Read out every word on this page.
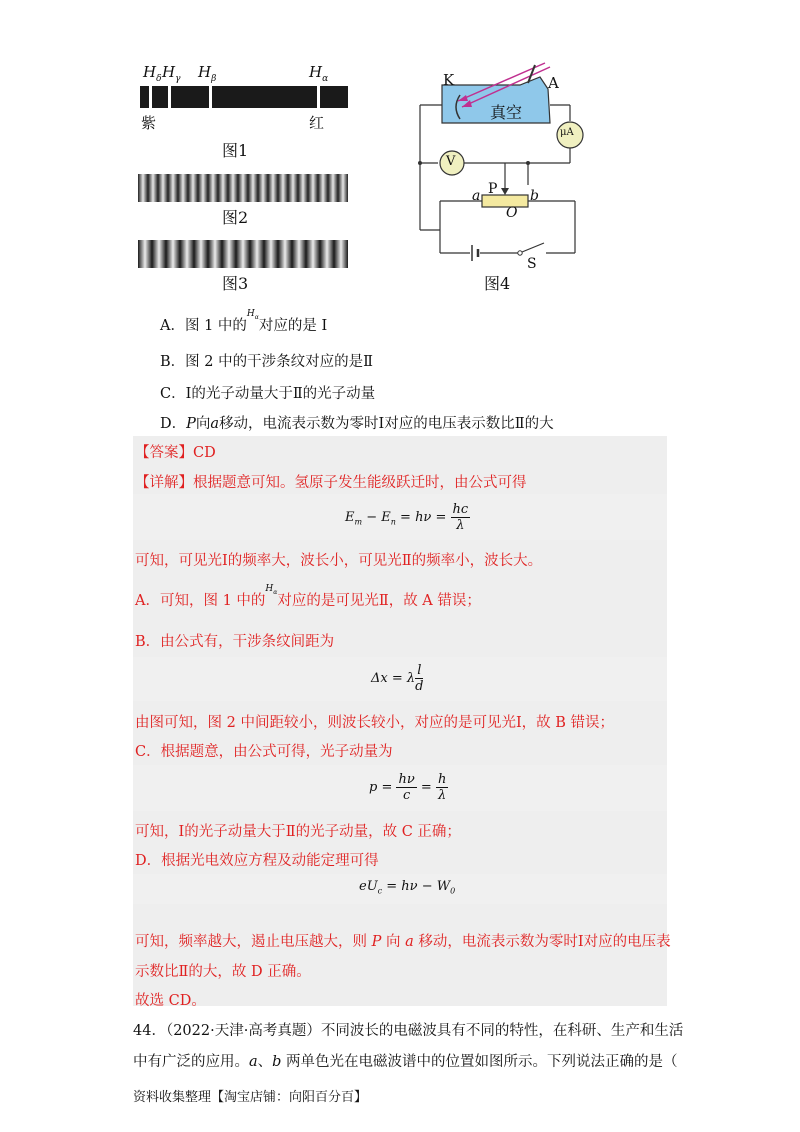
$H_\delta$ $H_\gamma$ $H_\beta$	$H_\alpha$
紫	红
图1
图2
图3
K	A
真空
μA
V
P
a	b
O
S
图4
A．图 1 中的$^{H_\alpha}$对应的是 I
B．图 2 中的干涉条纹对应的是Ⅱ
C．Ⅰ的光子动量大于Ⅱ的光子动量
D．P向a移动，电流表示数为零时Ⅰ对应的电压表示数比Ⅱ的大
【答案】CD
【详解】根据题意可知。氢原子发生能级跃迁时，由公式可得
$E_m - E_n = h\nu = \frac{hc}{\lambda}$
可知，可见光Ⅰ的频率大，波长小，可见光Ⅱ的频率小，波长大。
A．可知，图 1 中的$^{H_\alpha}$对应的是可见光Ⅱ，故 A 错误；
B．由公式有，干涉条纹间距为
Δx = λ $\frac{l}{d}$
由图可知，图 2 中间距较小，则波长较小，对应的是可见光Ⅰ，故 B 错误；
C．根据题意，由公式可得，光子动量为
$p = \frac{h\nu}{c} = \frac{h}{\lambda}$
可知，Ⅰ的光子动量大于Ⅱ的光子动量，故 C 正确；
D．根据光电效应方程及动能定理可得
$eU_c = h\nu - W_0$
可知，频率越大，遏止电压越大，则 P 向 a 移动，电流表示数为零时Ⅰ对应的电压表
示数比Ⅱ的大，故 D 正确。
故选 CD。
44．（2022·天津·高考真题）不同波长的电磁波具有不同的特性，在科研、生产和生活
中有广泛的应用。a、b 两单色光在电磁波谱中的位置如图所示。下列说法正确的是（
资料收集整理【淘宝店铺：向阳百分百】
